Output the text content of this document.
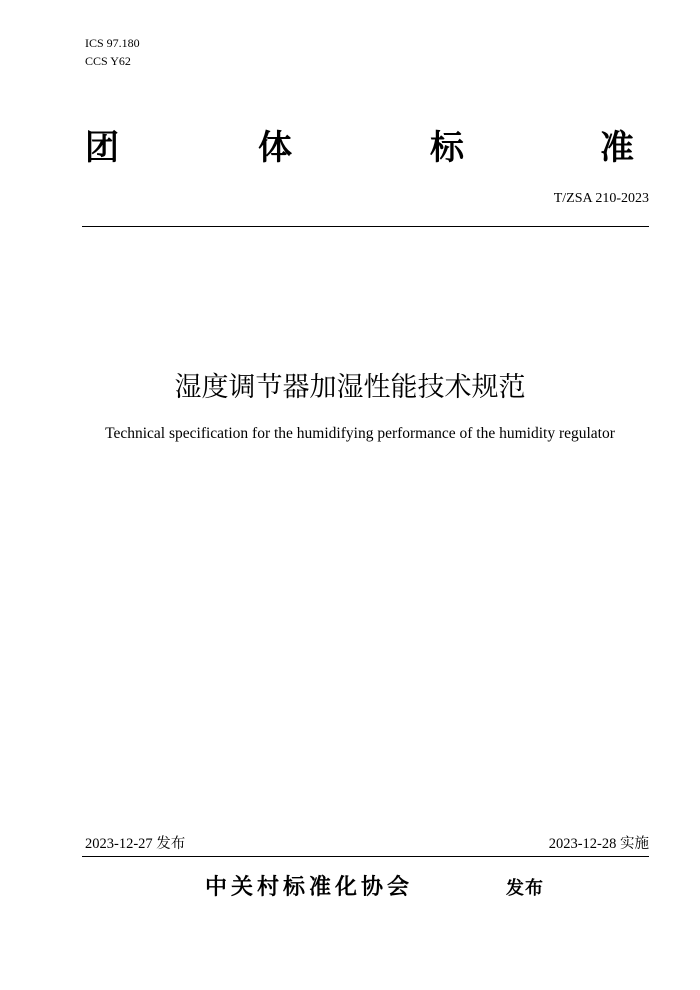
ICS 97.180
CCS Y62
团	体	标	准
T/ZSA 210-2023
湿度调节器加湿性能技术规范
Technical specification for the humidifying performance of the humidity regulator
2023-12-27 发布	2023-12-28 实施
中关村标准化协会	发布
